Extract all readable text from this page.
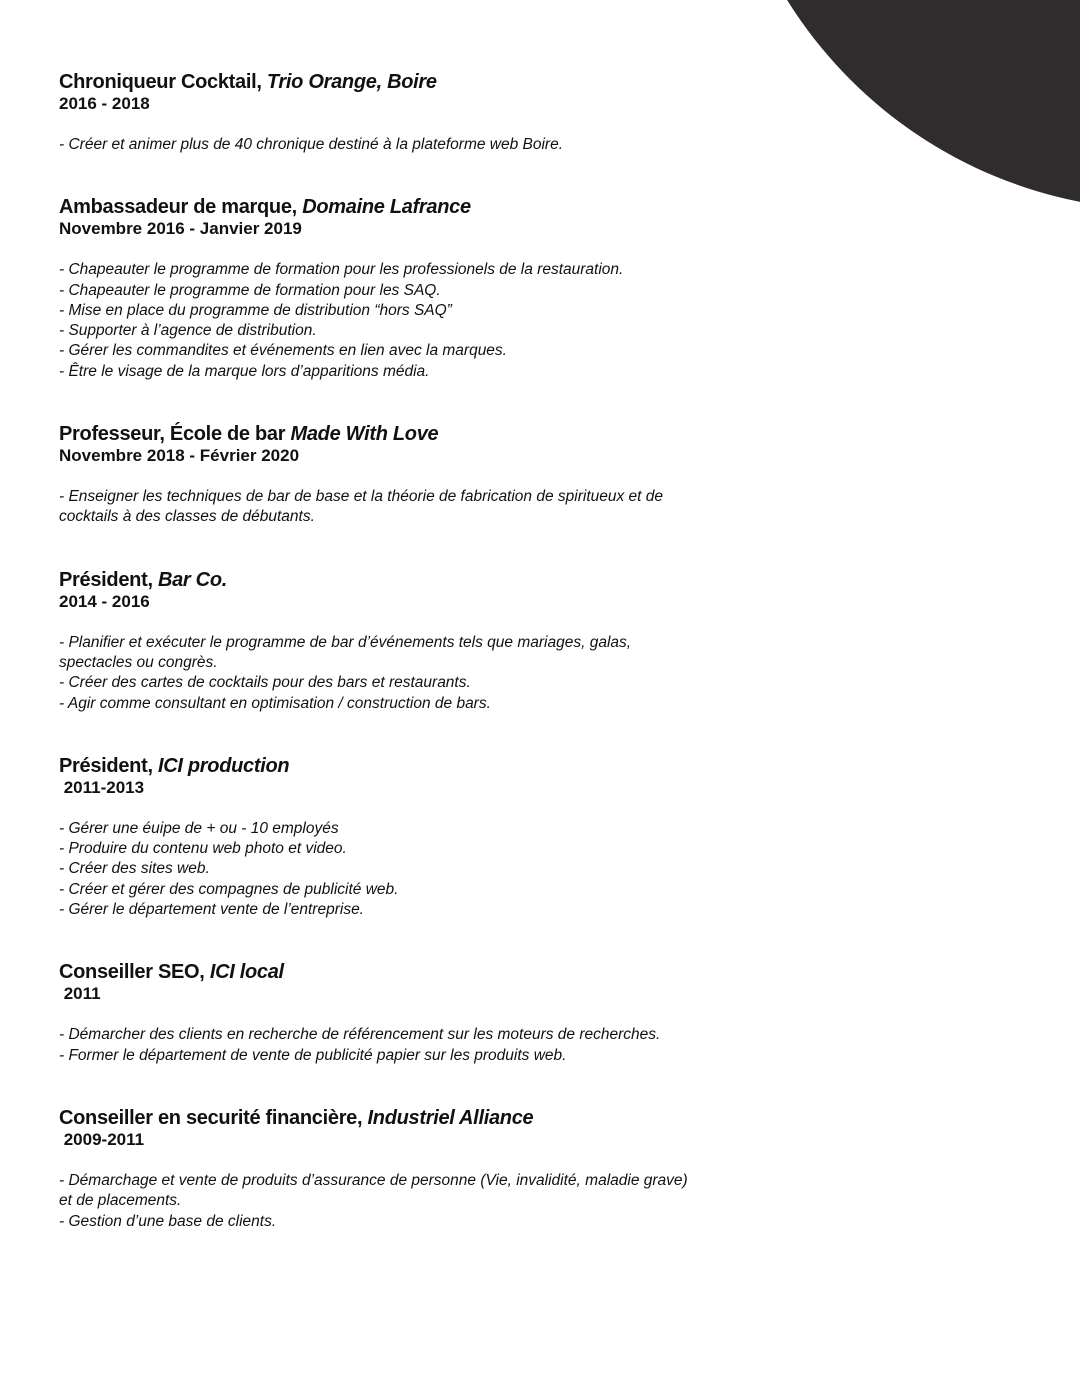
Chroniqueur Cocktail, Trio Orange, Boire

2016 - 2018

- Créer et animer plus de 40 chronique destiné à la plateforme web Boire.
Ambassadeur de marque, Domaine Lafrance

Novembre 2016 - Janvier 2019

- Chapeauter le programme de formation pour les professionels de la restauration.
- Chapeauter le programme de formation pour les SAQ.
- Mise en place du programme de distribution “hors SAQ”
- Supporter à l’agence de distribution.
- Gérer les commandites et événements en lien avec la marques.
- Être le visage de la marque lors d’apparitions média.
Professeur, École de bar Made With Love

Novembre 2018 - Février 2020

- Enseigner les techniques de bar de base et la théorie de fabrication de spiritueux et de cocktails à des classes de débutants.
Président, Bar Co.

2014 - 2016

- Planifier et exécuter le programme de bar d’événements tels que mariages, galas, spectacles ou congrès.
- Créer des cartes de cocktails pour des bars et restaurants.
- Agir comme consultant en optimisation / construction de bars.
Président, ICI production

2011-2013

- Gérer une éuipe de + ou - 10 employés
- Produire du contenu web photo et video.
- Créer des sites web.
- Créer et gérer des compagnes de publicité web.
- Gérer le département vente de l’entreprise.
Conseiller SEO, ICI local

2011

- Démarcher des clients en recherche de référencement sur les moteurs de recherches.
- Former le département de vente de publicité papier sur les produits web.
Conseiller en securité financière, Industriel Alliance

2009-2011

- Démarchage et vente de produits d’assurance de personne (Vie, invalidité, maladie grave) et de placements.
- Gestion d’une base de clients.
